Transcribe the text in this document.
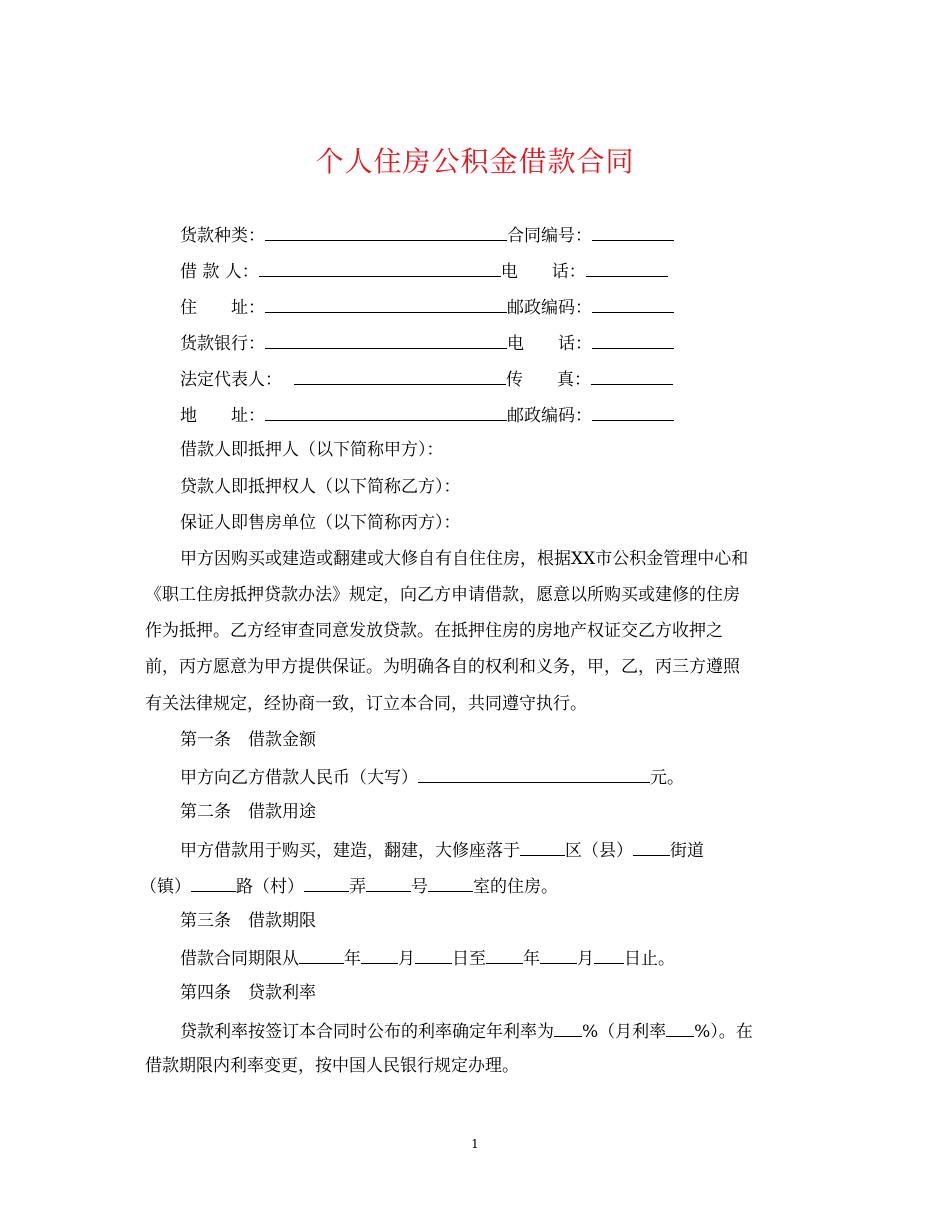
个人住房公积金借款合同
货款种类：	合同编号：
借 款 人：	电　　话：
住　　址：	邮政编码：
货款银行：	电　　话：
法定代表人：	传　　真：
地　　址：	邮政编码：
借款人即抵押人（以下简称甲方）：
贷款人即抵押权人（以下简称乙方）：
保证人即售房单位（以下简称丙方）：
甲方因购买或建造或翻建或大修自有自住住房，根据XX市公积金管理中心和
《职工住房抵押贷款办法》规定，向乙方申请借款，愿意以所购买或建修的住房
作为抵押。乙方经审查同意发放贷款。在抵押住房的房地产权证交乙方收押之
前，丙方愿意为甲方提供保证。为明确各自的权利和义务，甲，乙，丙三方遵照
有关法律规定，经协商一致，订立本合同，共同遵守执行。
第一条　借款金额
甲方向乙方借款人民币（大写）	元。
第二条　借款用途
甲方借款用于购买，建造，翻建，大修座落于	区（县） 街道
（镇）	路（村）	弄	号	室的住房。
第三条　借款期限
借款合同期限从	年 月 日至 年 月 日止。
第四条　贷款利率
贷款利率按签订本合同时公布的利率确定年利率为 %（月利率 %）。在
借款期限内利率变更，按中国人民银行规定办理。
1
